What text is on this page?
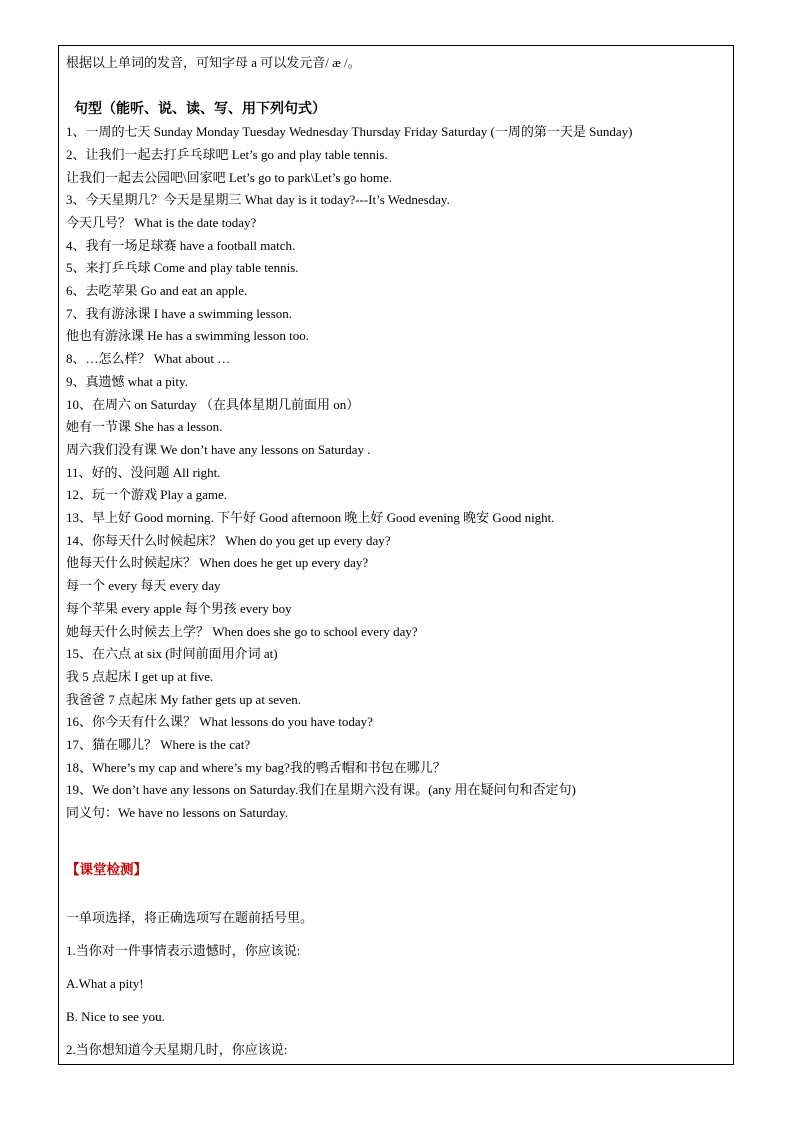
根据以上单词的发音，可知字母 a 可以发元音/ æ /。
句型（能听、说、读、写、用下列句式）
1、一周的七天 Sunday Monday Tuesday Wednesday Thursday Friday Saturday (一周的第一天是 Sunday)
2、让我们一起去打乒乓球吧 Let’s go and play table tennis.
让我们一起去公园吧\回家吧 Let’s go to park\Let’s go home.
3、今天星期几？今天是星期三 What day is it today?---It’s Wednesday.
今天几号？ What is the date today?
4、我有一场足球赛 have a football match.
5、来打乒乓球 Come and play table tennis.
6、去吃苹果 Go and eat an apple.
7、我有游泳课 I have a swimming lesson.
他也有游泳课 He has a swimming lesson too.
8、…怎么样？ What about …
9、真遗憾 what a pity.
10、在周六 on Saturday （在具体星期几前面用 on）
她有一节课 She has a lesson.
周六我们没有课 We don’t have any lessons on Saturday .
11、好的、没问题 All right.
12、玩一个游戏 Play a game.
13、早上好 Good morning. 下午好 Good afternoon 晚上好 Good evening 晚安 Good night.
14、你每天什么时候起床？ When do you get up every day?
他每天什么时候起床？ When does he get up every day?
每一个 every 每天 every day
每个苹果 every apple 每个男孩 every boy
她每天什么时候去上学？ When does she go to school every day?
15、在六点 at six (时间前面用介词 at)
我 5 点起床 I get up at five.
我爸爸 7 点起床 My father gets up at seven.
16、你今天有什么课？ What lessons do you have today?
17、猫在哪儿？ Where is the cat?
18、Where’s my cap and where’s my bag?我的鸭舌帽和书包在哪儿？
19、We don’t have any lessons on Saturday.我们在星期六没有课。(any 用在疑问句和否定句)
同义句：We have no lessons on Saturday.
【课堂检测】
一单项选择，将正确选项写在题前括号里。
1.当你对一件事情表示遗憾时，你应该说:
A.What a pity!
B. Nice to see you.
2.当你想知道今天星期几时，你应该说:
